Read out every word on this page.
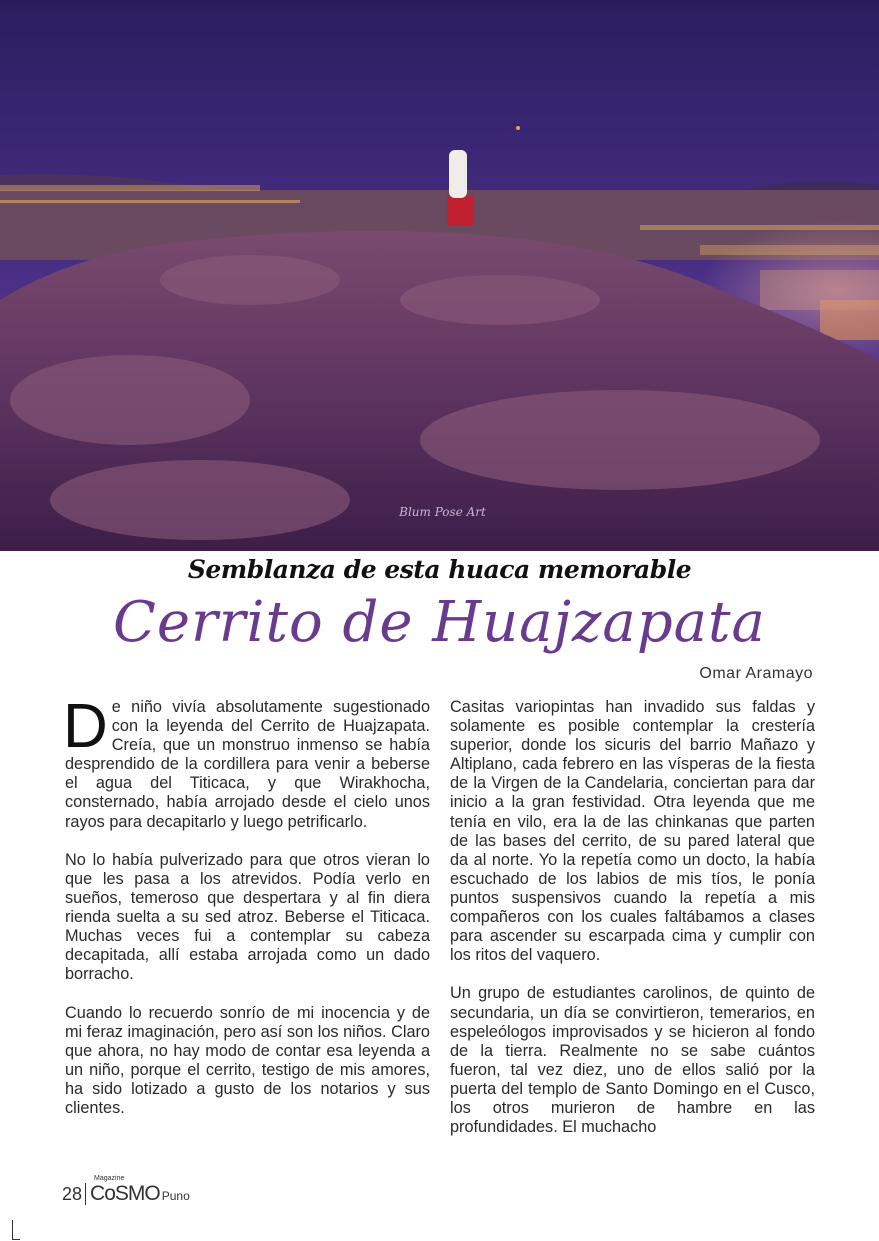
Blum Pose Art
Semblanza de esta huaca memorable
Cerrito de Huajzapata
Omar Aramayo

De niño vivía absolutamente sugestionado con la leyenda del Cerrito de Huajzapata. Creía, que un monstruo inmenso se había desprendido de la cordillera para venir a beberse el agua del Titicaca, y que Wirakhocha, consternado, había arrojado desde el cielo unos rayos para decapitarlo y luego petrificarlo.

No lo había pulverizado para que otros vieran lo que les pasa a los atrevidos. Podía verlo en sueños, temeroso que despertara y al fin diera rienda suelta a su sed atroz. Beberse el Titicaca. Muchas veces fui a contemplar su cabeza decapitada, allí estaba arrojada como un dado borracho.

Cuando lo recuerdo sonrío de mi inocencia y de mi feraz imaginación, pero así son los niños. Claro que ahora, no hay modo de contar esa leyenda a un niño, porque el cerrito, testigo de mis amores, ha sido lotizado a gusto de los notarios y sus clientes.

Casitas variopintas han invadido sus faldas y solamente es posible contemplar la crestería superior, donde los sicuris del barrio Mañazo y Altiplano, cada febrero en las vísperas de la fiesta de la Virgen de la Candelaria, conciertan para dar inicio a la gran festividad. Otra leyenda que me tenía en vilo, era la de las chinkanas que parten de las bases del cerrito, de su pared lateral que da al norte. Yo la repetía como un docto, la había escuchado de los labios de mis tíos, le ponía puntos suspensivos cuando la repetía a mis compañeros con los cuales faltábamos a clases para ascender su escarpada cima y cumplir con los ritos del vaquero.

Un grupo de estudiantes carolinos, de quinto de secundaria, un día se convirtieron, temerarios, en espeleólogos improvisados y se hicieron al fondo de la tierra. Realmente no se sabe cuántos fueron, tal vez diez, uno de ellos salió por la puerta del templo de Santo Domingo en el Cusco, los otros murieron de hambre en las profundidades. El muchacho

28
Magazine
CoSMO Puno
